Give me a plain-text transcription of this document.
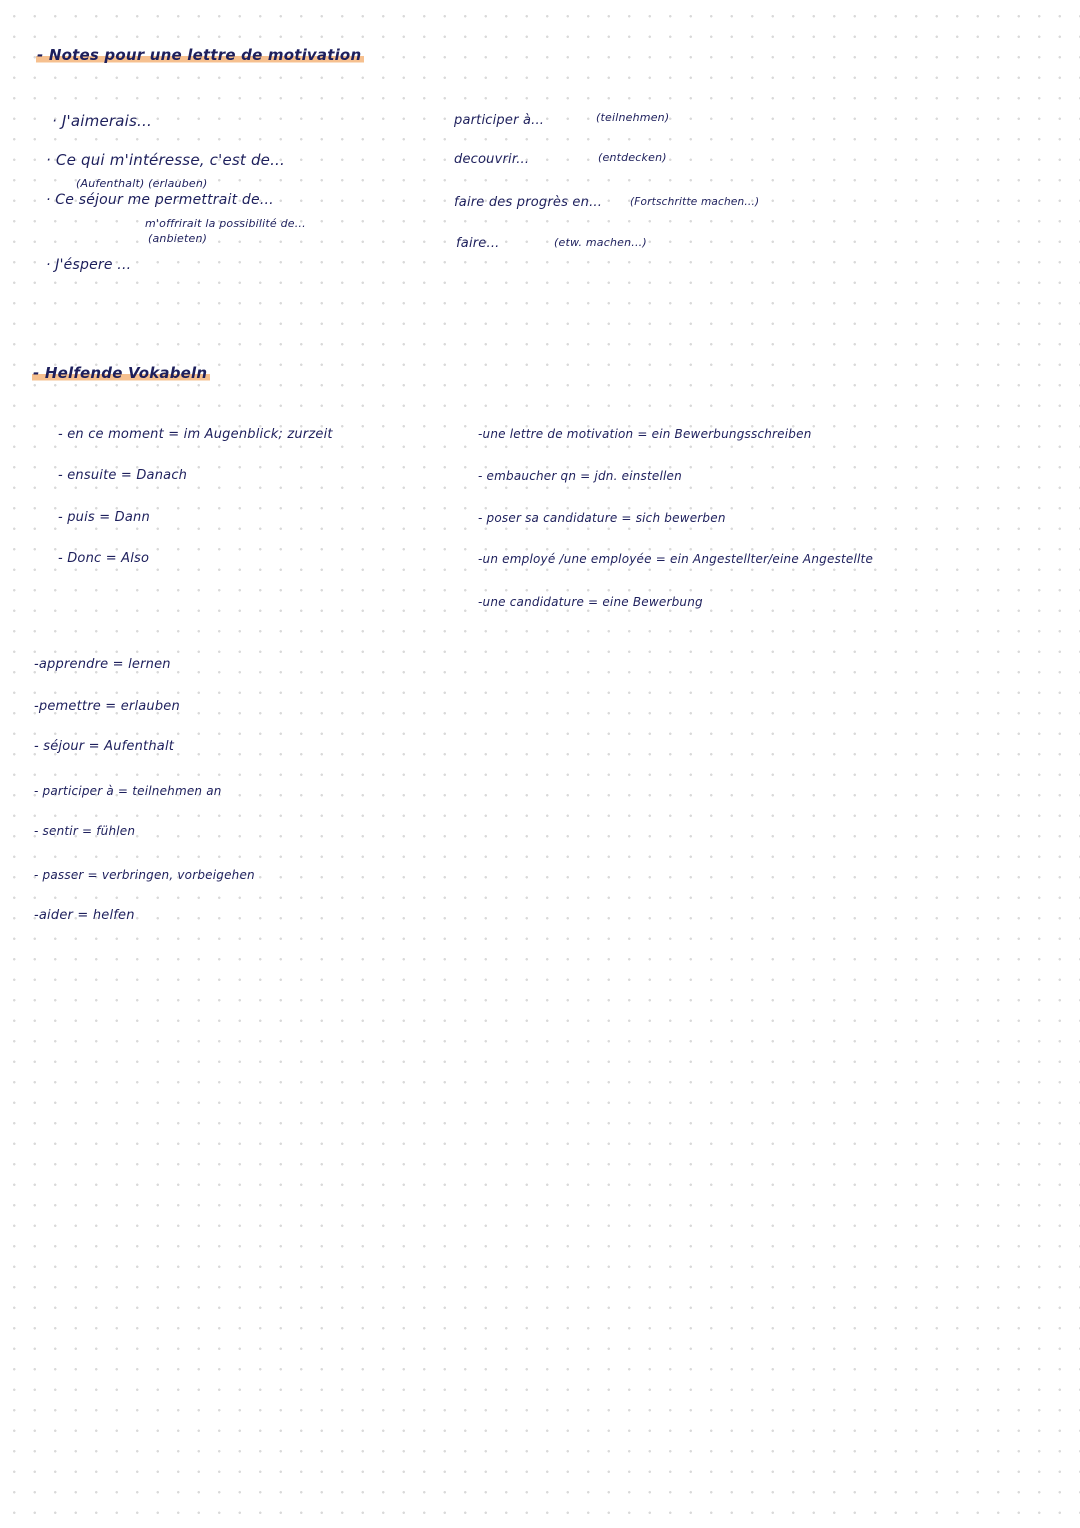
- Notes pour une lettre de motivation
· J'aimerais...
· Ce qui m'intéresse, c'est de...
(Aufenthalt) (erlauben)
· Ce séjour me permettrait de...
m'offrirait la possibilité de...
(anbieten)
· J'éspere ...
participer à...	(teilnehmen)
decouvrir...	(entdecken)
faire des progrès en...	(Fortschritte machen...)
faire...	(etw. machen...)
- Helfende Vokabeln
- en ce moment = im Augenblick; zurzeit
- ensuite = Danach
- puis = Dann
- Donc = Also
-une lettre de motivation = ein Bewerbungsschreiben
- embaucher qn = jdn. einstellen
- poser sa candidature = sich bewerben
-un employé /une employée = ein Angestellter/eine Angestellte
-une candidature = eine Bewerbung
-apprendre = lernen
-pemettre = erlauben
- séjour = Aufenthalt
- participer à = teilnehmen an
- sentir = fühlen
- passer = verbringen, vorbeigehen
-aider = helfen
